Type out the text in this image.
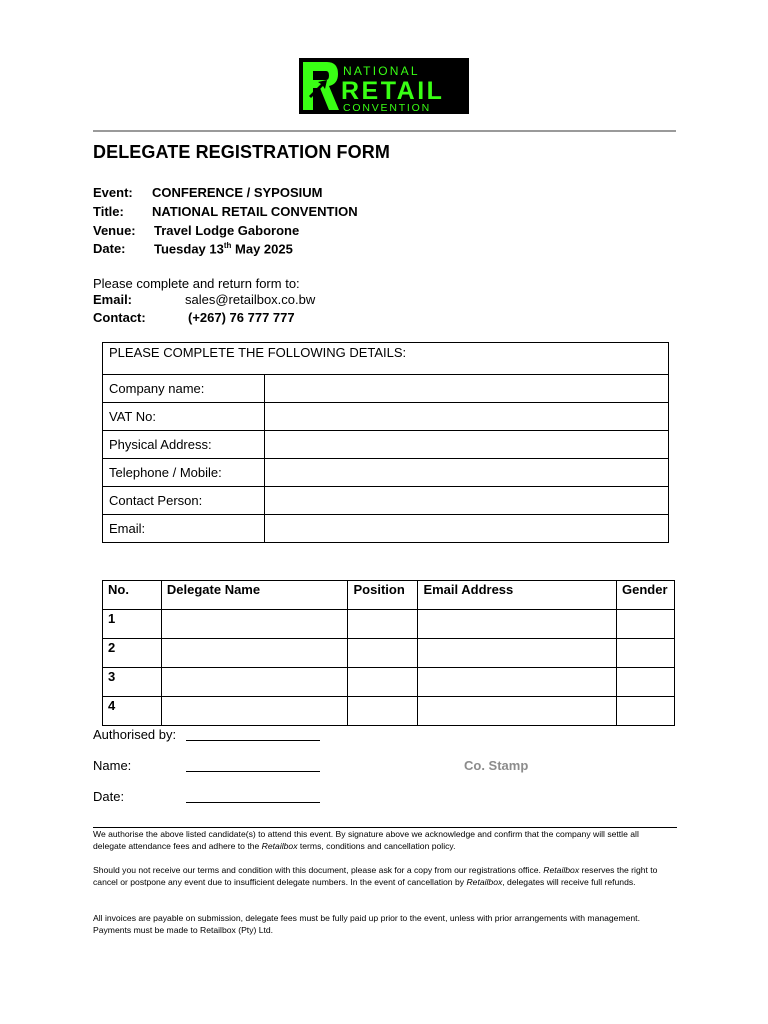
NATIONAL
RETAIL
CONVENTION
DELEGATE REGISTRATION FORM
Event: CONFERENCE / SYPOSIUM
Title: NATIONAL RETAIL CONVENTION
Venue: Travel Lodge Gaborone
Date: Tuesday 13th May 2025
Please complete and return form to:
Email:	sales@retailbox.co.bw
Contact:	(+267) 76 777 777
PLEASE COMPLETE THE FOLLOWING DETAILS:	
Company name:	
VAT No:	
Physical Address:	
Telephone / Mobile:	
Contact Person:	
Email:	
No.	Delegate Name	Position	Email Address	Gender
1				
2				
3				
4				
Authorised by:
Name:
Date:
Co. Stamp
We authorise the above listed candidate(s) to attend this event. By signature above we acknowledge and confirm that the company will settle all delegate attendance fees and adhere to the Retailbox terms, conditions and cancellation policy.
Should you not receive our terms and condition with this document, please ask for a copy from our registrations office. Retailbox reserves the right to cancel or postpone any event due to insufficient delegate numbers. In the event of cancellation by Retailbox, delegates will receive full refunds.
All invoices are payable on submission, delegate fees must be fully paid up prior to the event, unless with prior arrangements with management. Payments must be made to Retailbox (Pty) Ltd.
